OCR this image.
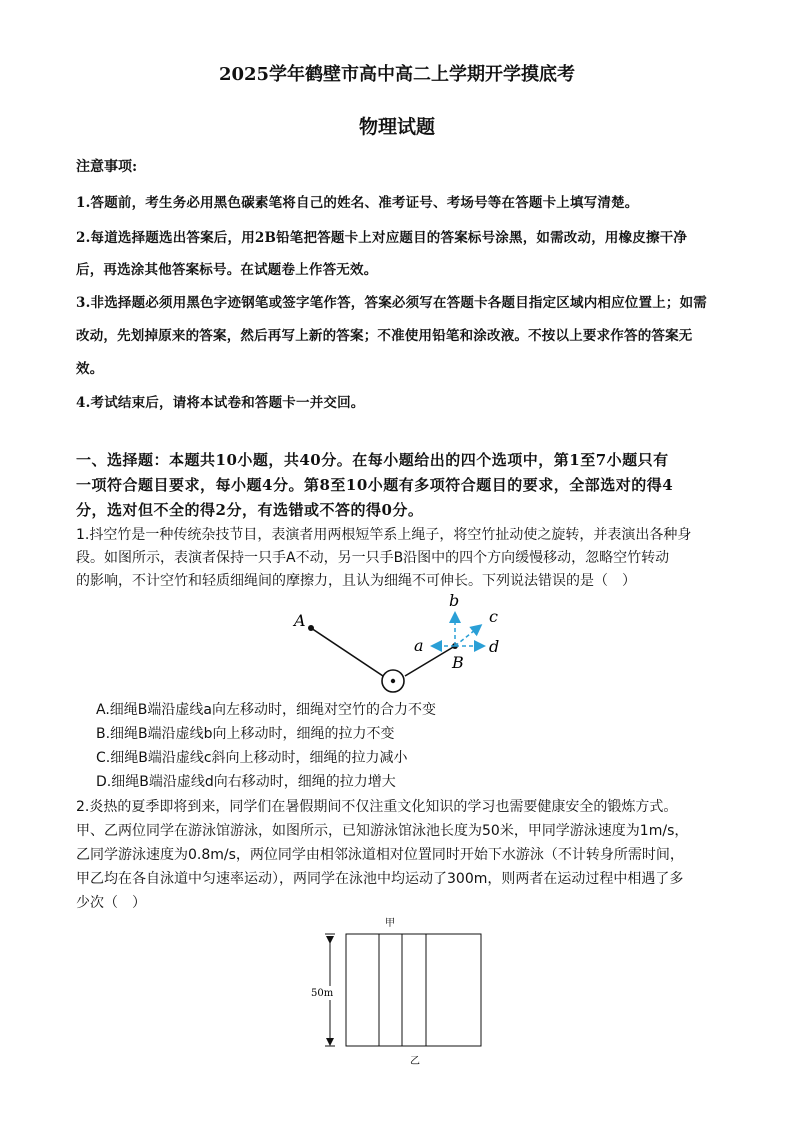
2025学年鹤壁市高中高二上学期开学摸底考
物理试题
注意事项:
1.答题前，考生务必用黑色碳素笔将自己的姓名、准考证号、考场号等在答题卡上填写清楚。
2.每道选择题选出答案后，用2B铅笔把答题卡上对应题目的答案标号涂黑，如需改动，用橡皮擦干净
后，再选涂其他答案标号。在试题卷上作答无效。
3.非选择题必须用黑色字迹钢笔或签字笔作答，答案必须写在答题卡各题目指定区域内相应位置上；如需
改动，先划掉原来的答案，然后再写上新的答案；不准使用铅笔和涂改液。不按以上要求作答的答案无
效。
4.考试结束后，请将本试卷和答题卡一并交回。
一、选择题：本题共10小题，共40分。在每小题给出的四个选项中，第1至7小题只有
一项符合题目要求，每小题4分。第8至10小题有多项符合题目的要求，全部选对的得4
分，选对但不全的得2分，有选错或不答的得0分。
1.抖空竹是一种传统杂技节目，表演者用两根短竿系上绳子，将空竹扯动使之旋转，并表演出各种身
段。如图所示，表演者保持一只手A不动，另一只手B沿图中的四个方向缓慢移动，忽略空竹转动
的影响，不计空竹和轻质细绳间的摩擦力，且认为细绳不可伸长。下列说法错误的是（　）
A
B
a
b
c
d
A.细绳B端沿虚线a向左移动时，细绳对空竹的合力不变
B.细绳B端沿虚线b向上移动时，细绳的拉力不变
C.细绳B端沿虚线c斜向上移动时，细绳的拉力减小
D.细绳B端沿虚线d向右移动时，细绳的拉力增大
2.炎热的夏季即将到来，同学们在暑假期间不仅注重文化知识的学习也需要健康安全的锻炼方式。
甲、乙两位同学在游泳馆游泳，如图所示，已知游泳馆泳池长度为50米，甲同学游泳速度为1m/s，
乙同学游泳速度为0.8m/s，两位同学由相邻泳道相对位置同时开始下水游泳（不计转身所需时间，
甲乙均在各自泳道中匀速率运动），两同学在泳池中均运动了300m，则两者在运动过程中相遇了多
少次（　）
甲
50m
乙
